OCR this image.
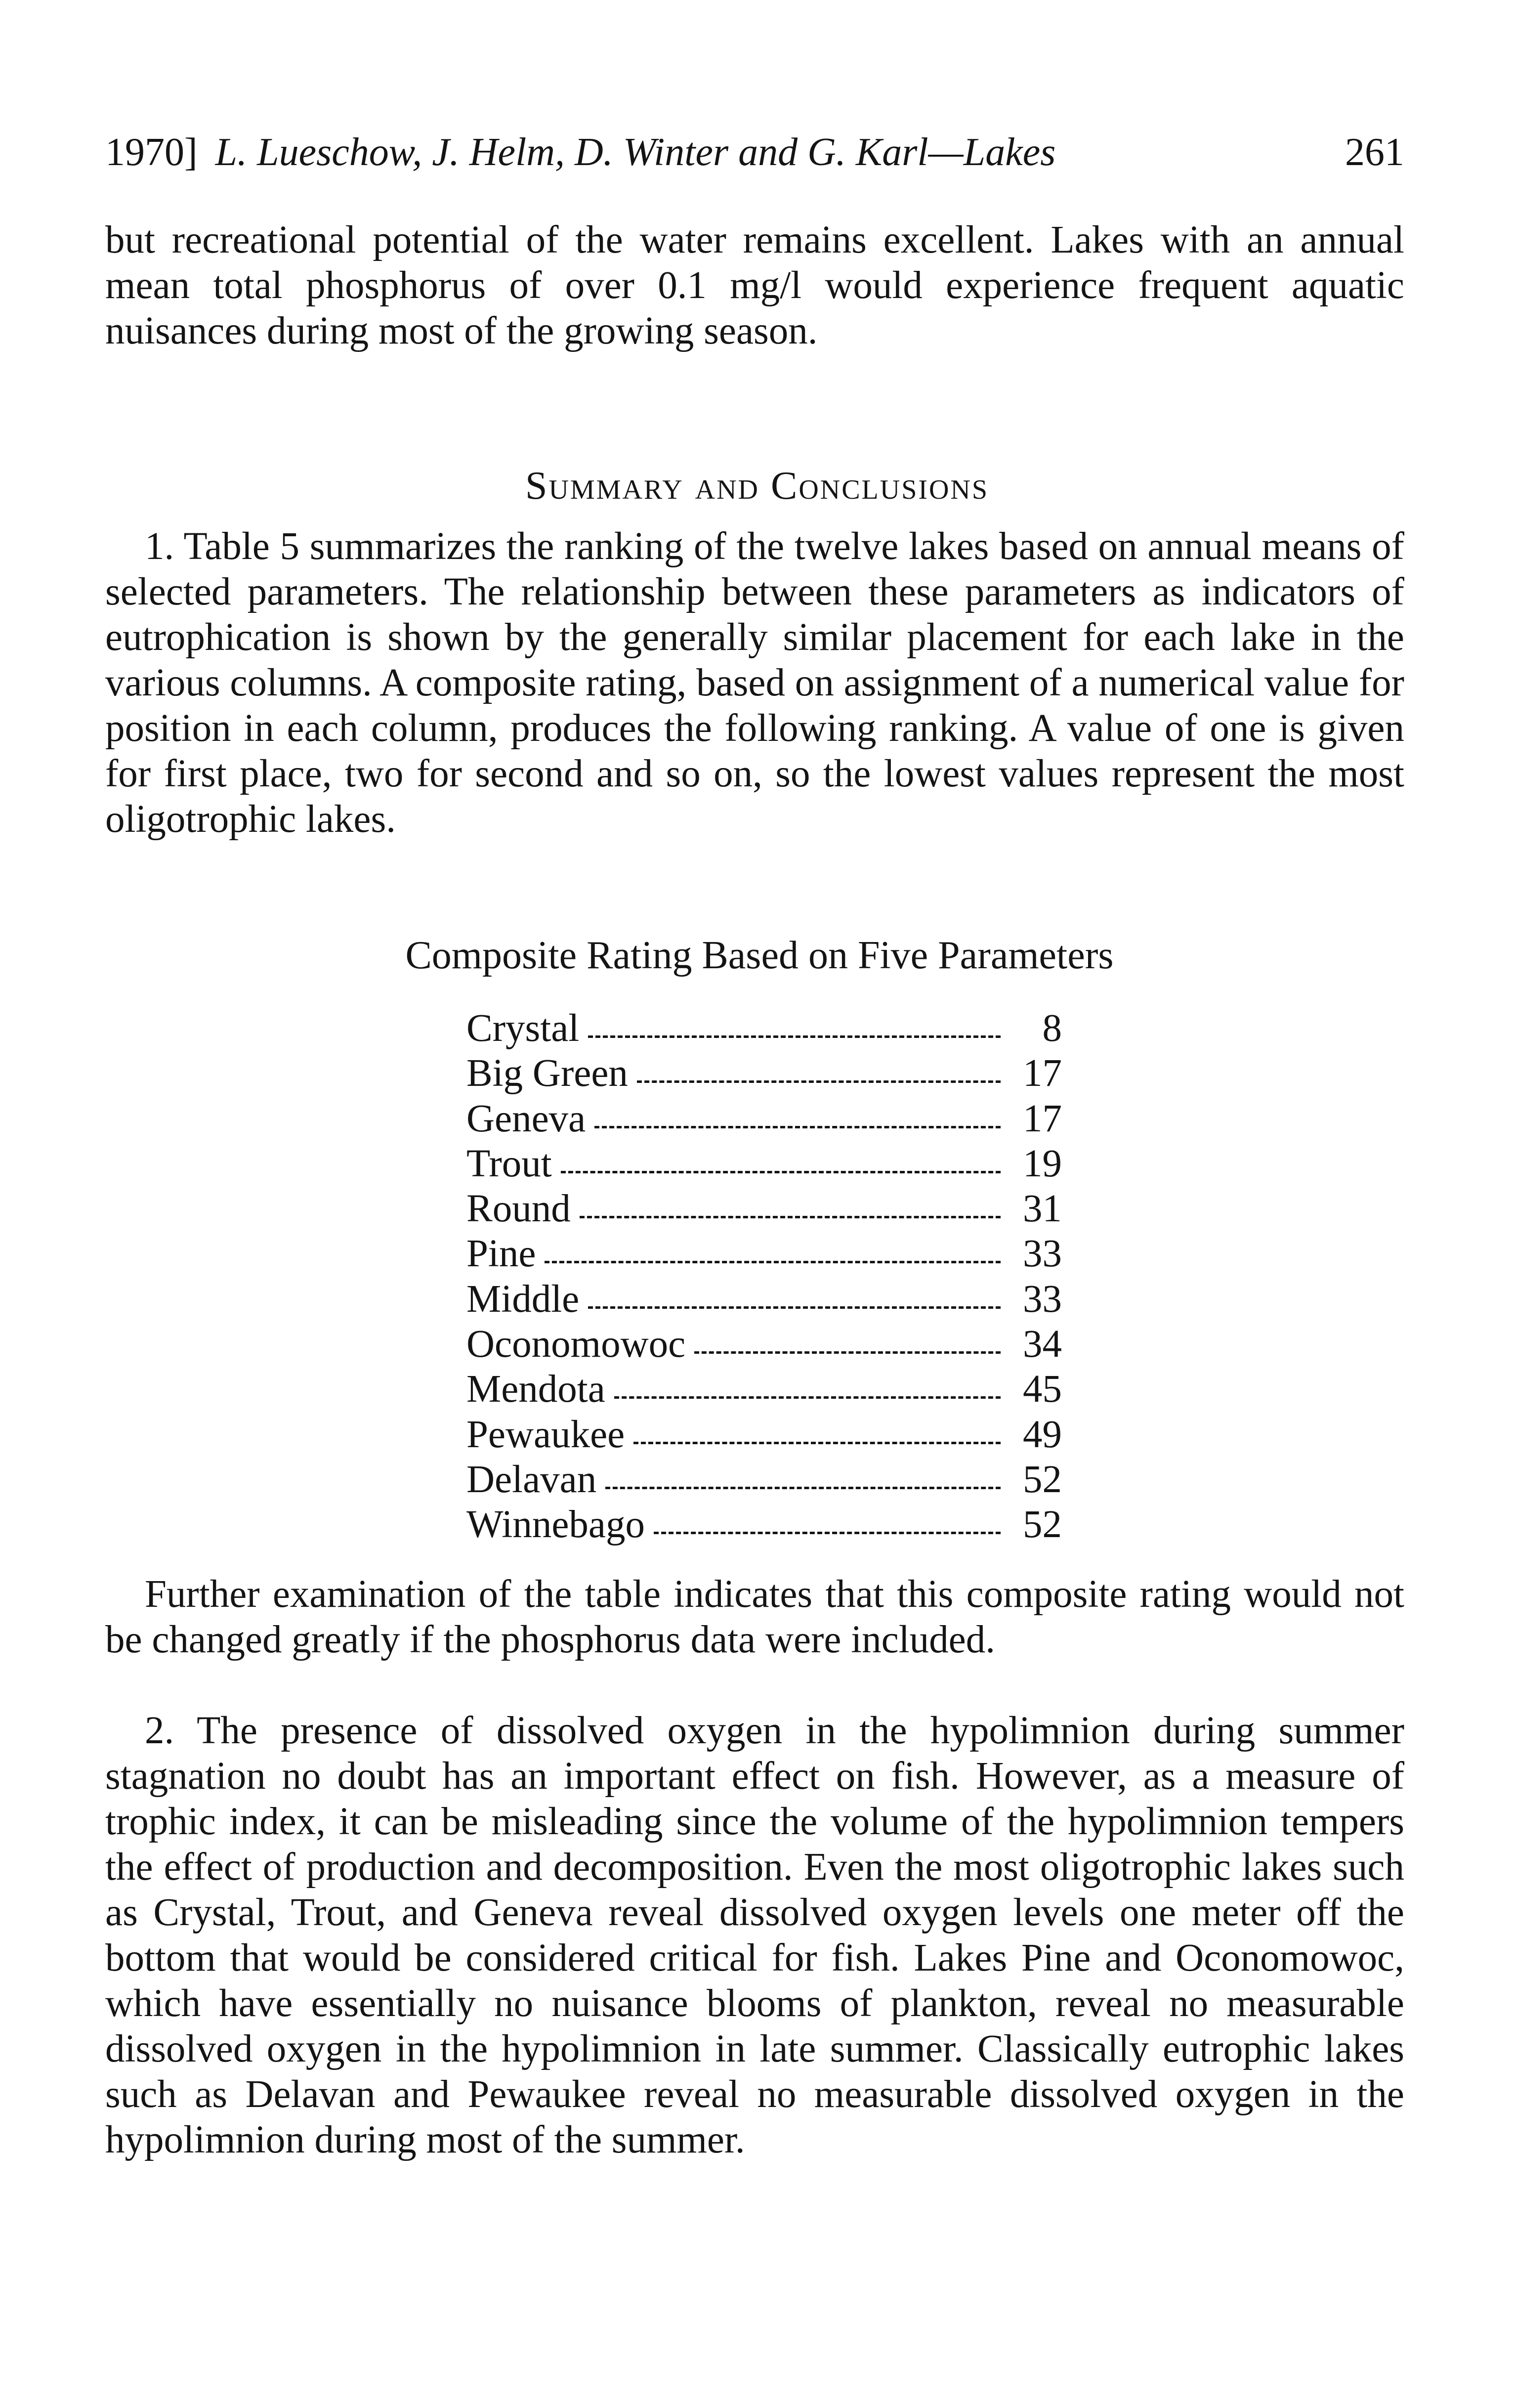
1970] L. Lueschow, J. Helm, D. Winter and G. Karl—Lakes	261

but recreational potential of the water remains excellent. Lakes with an annual mean total phosphorus of over 0.1 mg/l would experience frequent aquatic nuisances during most of the growing season.

Summary and Conclusions

1. Table 5 summarizes the ranking of the twelve lakes based on annual means of selected parameters. The relationship between these parameters as indicators of eutrophication is shown by the generally similar placement for each lake in the various columns. A composite rating, based on assignment of a numerical value for position in each column, produces the following ranking. A value of one is given for first place, two for second and so on, so the lowest values represent the most oligotrophic lakes.

Composite Rating Based on Five Parameters
Crystal	8
Big Green	17
Geneva	17
Trout	19
Round	31
Pine	33
Middle	33
Oconomowoc	34
Mendota	45
Pewaukee	49
Delavan	52
Winnebago	52

Further examination of the table indicates that this composite rating would not be changed greatly if the phosphorus data were included.

2. The presence of dissolved oxygen in the hypolimnion during summer stagnation no doubt has an important effect on fish. However, as a measure of trophic index, it can be misleading since the volume of the hypolimnion tempers the effect of production and decomposition. Even the most oligotrophic lakes such as Crystal, Trout, and Geneva reveal dissolved oxygen levels one meter off the bottom that would be considered critical for fish. Lakes Pine and Oconomowoc, which have essentially no nuisance blooms of plankton, reveal no measurable dissolved oxygen in the hypolimnion in late summer. Classically eutrophic lakes such as Delavan and Pewaukee reveal no measurable dissolved oxygen in the hypolimnion during most of the summer.
